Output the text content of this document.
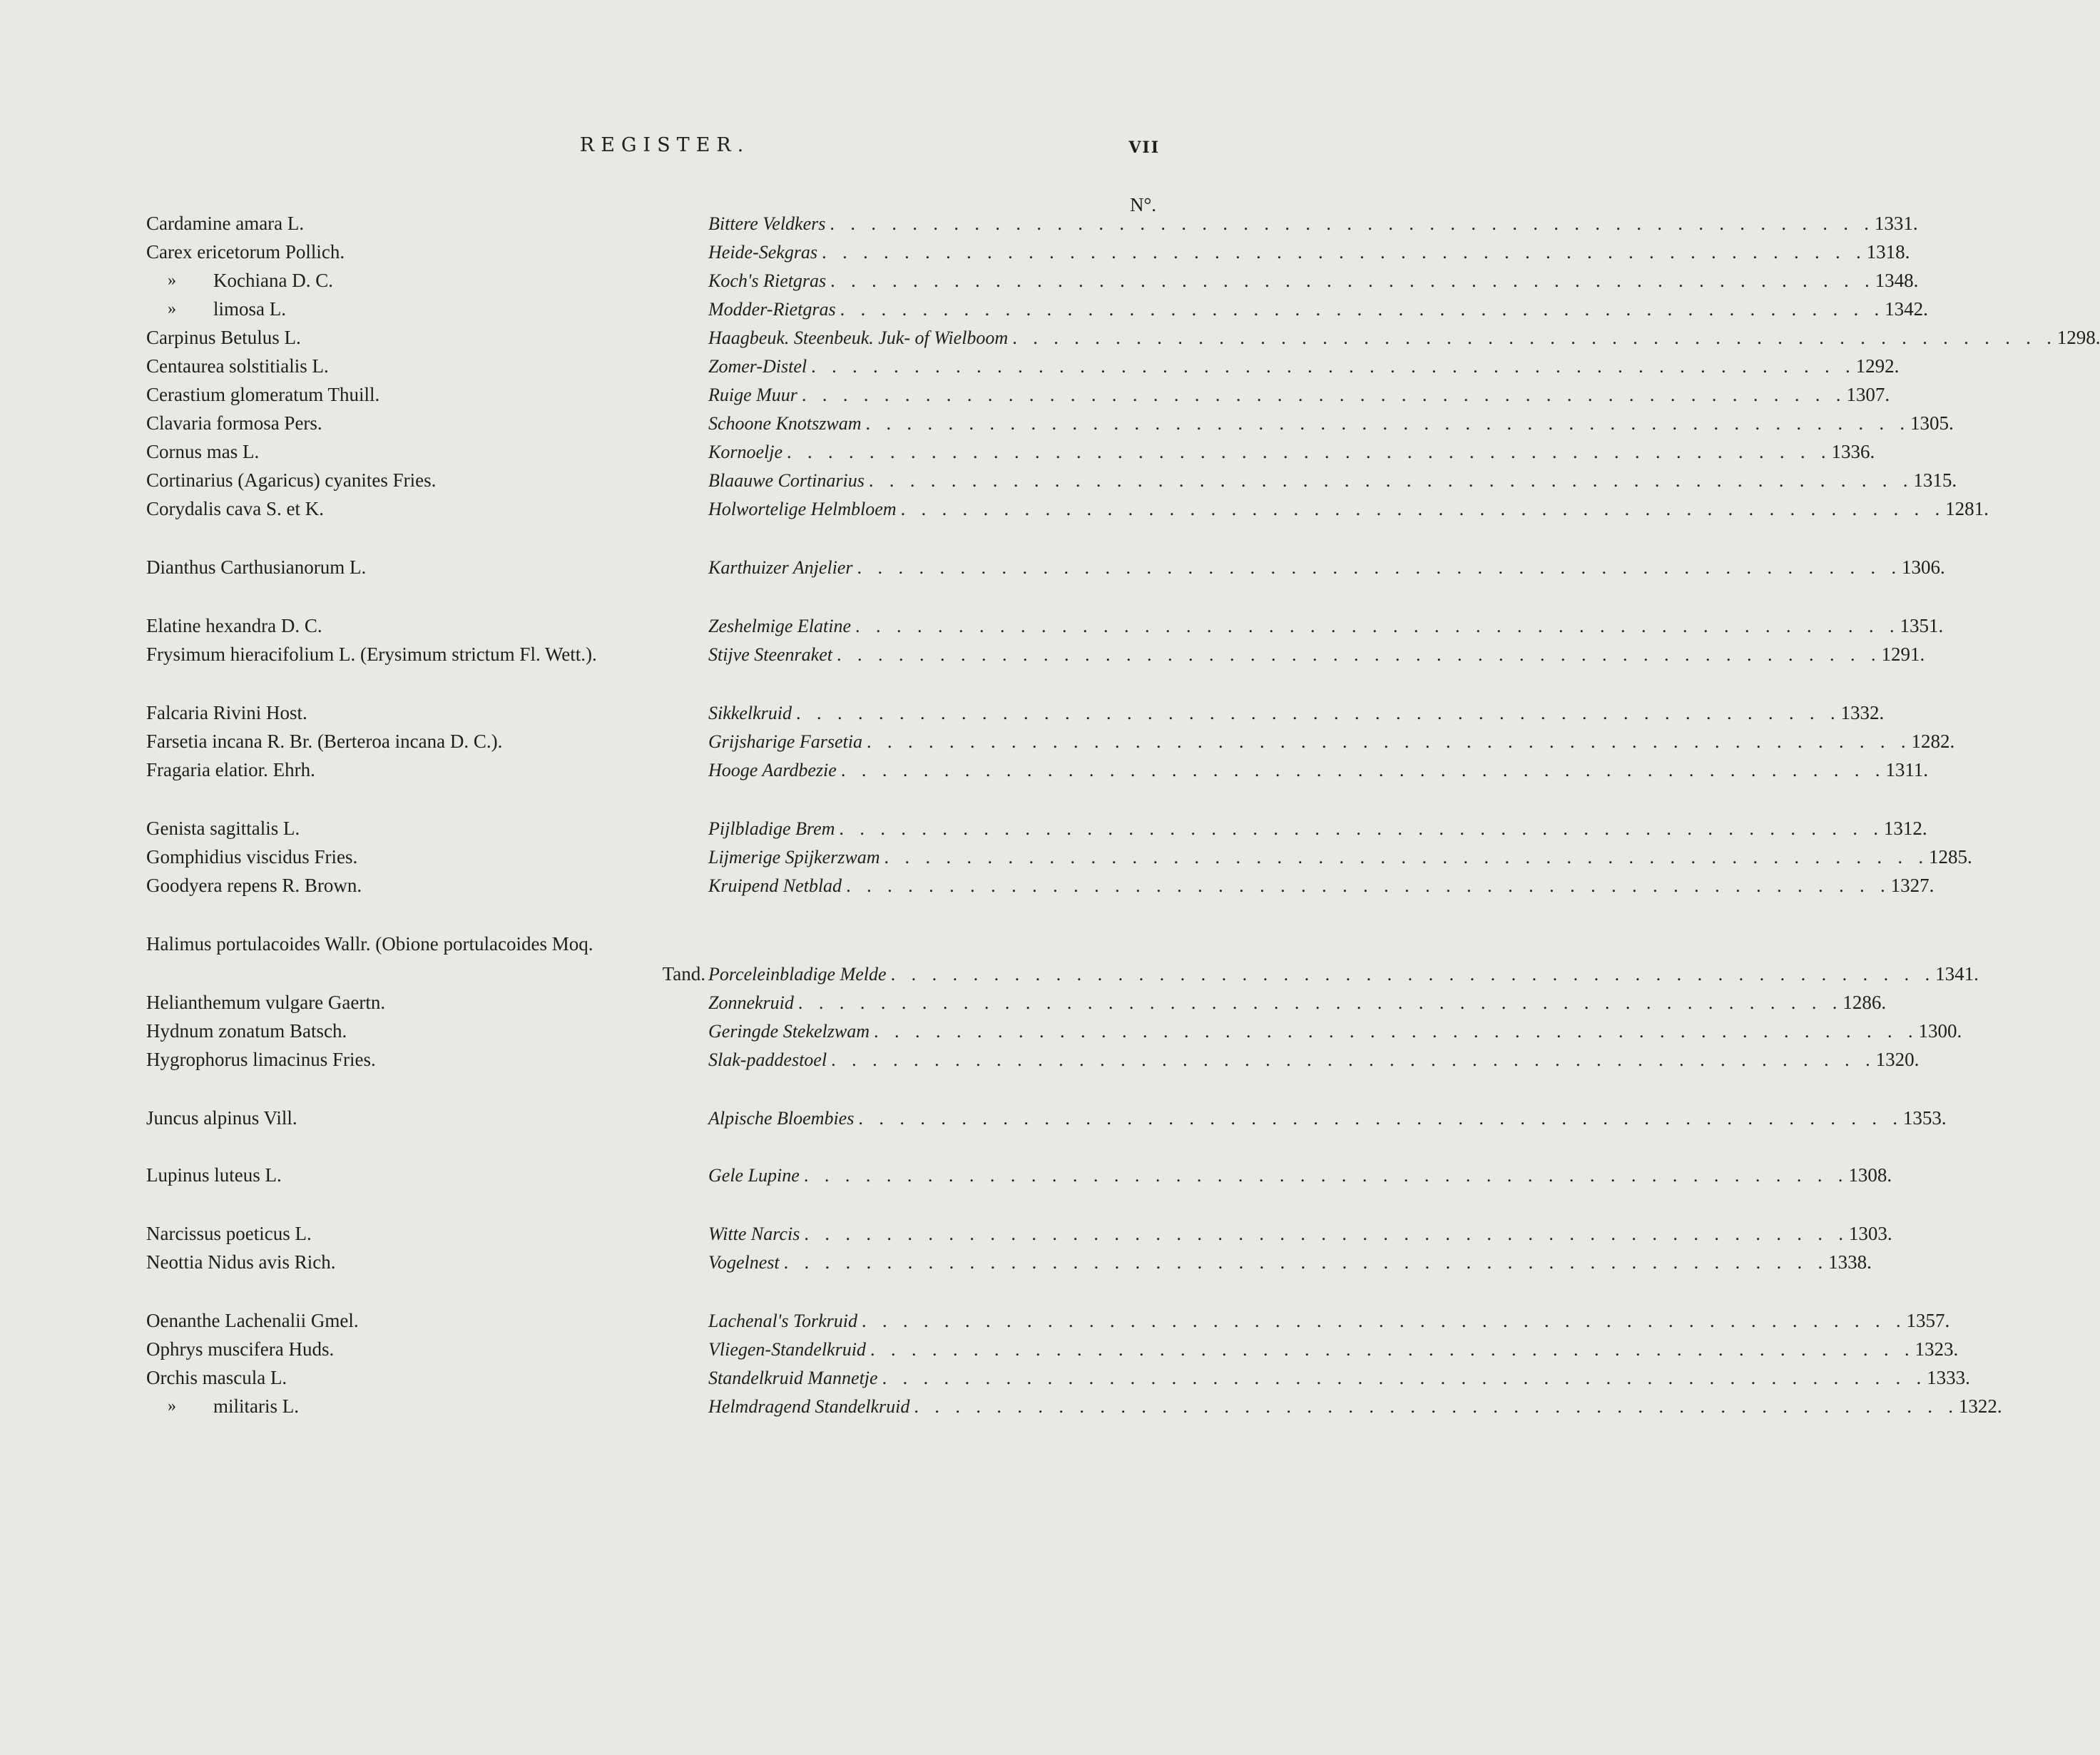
REGISTER.	VII
N°.
Cardamine amara L.	Bittere Veldkers . . . . . . . . . . . . . . . . . . . . . . . . . . . . . . . . . . . . . . . . . . . . . . . . . . . 1331.
Carex ericetorum Pollich.	Heide-Sekgras . . . . . . . . . . . . . . . . . . . . . . . . . . . . . . . . . . . . . . . . . . . . . . . . . . . 1318.
» Kochiana D. C.	Koch's Rietgras . . . . . . . . . . . . . . . . . . . . . . . . . . . . . . . . . . . . . . . . . . . . . . . . . . . 1348.
» limosa L.	Modder-Rietgras . . . . . . . . . . . . . . . . . . . . . . . . . . . . . . . . . . . . . . . . . . . . . . . . . . . 1342.
Carpinus Betulus L.	Haagbeuk. Steenbeuk. Juk- of Wielboom . . . . . . . . . . . . . . . . . . . . . . . . . . . . . . . . . . . . . . . . . . . . . . . . . . . 1298.
Centaurea solstitialis L.	Zomer-Distel . . . . . . . . . . . . . . . . . . . . . . . . . . . . . . . . . . . . . . . . . . . . . . . . . . . 1292.
Cerastium glomeratum Thuill.	Ruige Muur . . . . . . . . . . . . . . . . . . . . . . . . . . . . . . . . . . . . . . . . . . . . . . . . . . . 1307.
Clavaria formosa Pers.	Schoone Knotszwam . . . . . . . . . . . . . . . . . . . . . . . . . . . . . . . . . . . . . . . . . . . . . . . . . . . 1305.
Cornus mas L.	Kornoelje . . . . . . . . . . . . . . . . . . . . . . . . . . . . . . . . . . . . . . . . . . . . . . . . . . . 1336.
Cortinarius (Agaricus) cyanites Fries.	Blaauwe Cortinarius . . . . . . . . . . . . . . . . . . . . . . . . . . . . . . . . . . . . . . . . . . . . . . . . . . . 1315.
Corydalis cava S. et K.	Holwortelige Helmbloem . . . . . . . . . . . . . . . . . . . . . . . . . . . . . . . . . . . . . . . . . . . . . . . . . . . 1281.
Dianthus Carthusianorum L.	Karthuizer Anjelier . . . . . . . . . . . . . . . . . . . . . . . . . . . . . . . . . . . . . . . . . . . . . . . . . . . 1306.
Elatine hexandra D. C.	Zeshelmige Elatine . . . . . . . . . . . . . . . . . . . . . . . . . . . . . . . . . . . . . . . . . . . . . . . . . . . 1351.
Frysimum hieracifolium L. (Erysimum strictum Fl. Wett.).	Stijve Steenraket . . . . . . . . . . . . . . . . . . . . . . . . . . . . . . . . . . . . . . . . . . . . . . . . . . . 1291.
Falcaria Rivini Host.	Sikkelkruid . . . . . . . . . . . . . . . . . . . . . . . . . . . . . . . . . . . . . . . . . . . . . . . . . . . 1332.
Farsetia incana R. Br. (Berteroa incana D. C.).	Grijsharige Farsetia . . . . . . . . . . . . . . . . . . . . . . . . . . . . . . . . . . . . . . . . . . . . . . . . . . . 1282.
Fragaria elatior. Ehrh.	Hooge Aardbezie . . . . . . . . . . . . . . . . . . . . . . . . . . . . . . . . . . . . . . . . . . . . . . . . . . . 1311.
Genista sagittalis L.	Pijlbladige Brem . . . . . . . . . . . . . . . . . . . . . . . . . . . . . . . . . . . . . . . . . . . . . . . . . . . 1312.
Gomphidius viscidus Fries.	Lijmerige Spijkerzwam . . . . . . . . . . . . . . . . . . . . . . . . . . . . . . . . . . . . . . . . . . . . . . . . . . . 1285.
Goodyera repens R. Brown.	Kruipend Netblad . . . . . . . . . . . . . . . . . . . . . . . . . . . . . . . . . . . . . . . . . . . . . . . . . . . 1327.
Halimus portulacoides Wallr. (Obione portulacoides Moq.
Tand. Porceleinbladige Melde . . . . . . . . . . . . . . . . . . . . . . . . . . . . . . . . . . . . . . . . . . . . . . . . . . . 1341.
Helianthemum vulgare Gaertn.	Zonnekruid . . . . . . . . . . . . . . . . . . . . . . . . . . . . . . . . . . . . . . . . . . . . . . . . . . . 1286.
Hydnum zonatum Batsch.	Geringde Stekelzwam . . . . . . . . . . . . . . . . . . . . . . . . . . . . . . . . . . . . . . . . . . . . . . . . . . . 1300.
Hygrophorus limacinus Fries.	Slak-paddestoel . . . . . . . . . . . . . . . . . . . . . . . . . . . . . . . . . . . . . . . . . . . . . . . . . . . 1320.
Juncus alpinus Vill.	Alpische Bloembies . . . . . . . . . . . . . . . . . . . . . . . . . . . . . . . . . . . . . . . . . . . . . . . . . . . 1353.
Lupinus luteus L.	Gele Lupine . . . . . . . . . . . . . . . . . . . . . . . . . . . . . . . . . . . . . . . . . . . . . . . . . . . 1308.
Narcissus poeticus L.	Witte Narcis . . . . . . . . . . . . . . . . . . . . . . . . . . . . . . . . . . . . . . . . . . . . . . . . . . . 1303.
Neottia Nidus avis Rich.	Vogelnest . . . . . . . . . . . . . . . . . . . . . . . . . . . . . . . . . . . . . . . . . . . . . . . . . . . 1338.
Oenanthe Lachenalii Gmel.	Lachenal's Torkruid . . . . . . . . . . . . . . . . . . . . . . . . . . . . . . . . . . . . . . . . . . . . . . . . . . . 1357.
Ophrys muscifera Huds.	Vliegen-Standelkruid . . . . . . . . . . . . . . . . . . . . . . . . . . . . . . . . . . . . . . . . . . . . . . . . . . . 1323.
Orchis mascula L.	Standelkruid Mannetje . . . . . . . . . . . . . . . . . . . . . . . . . . . . . . . . . . . . . . . . . . . . . . . . . . . 1333.
» militaris L.	Helmdragend Standelkruid . . . . . . . . . . . . . . . . . . . . . . . . . . . . . . . . . . . . . . . . . . . . . . . . . . . 1322.
